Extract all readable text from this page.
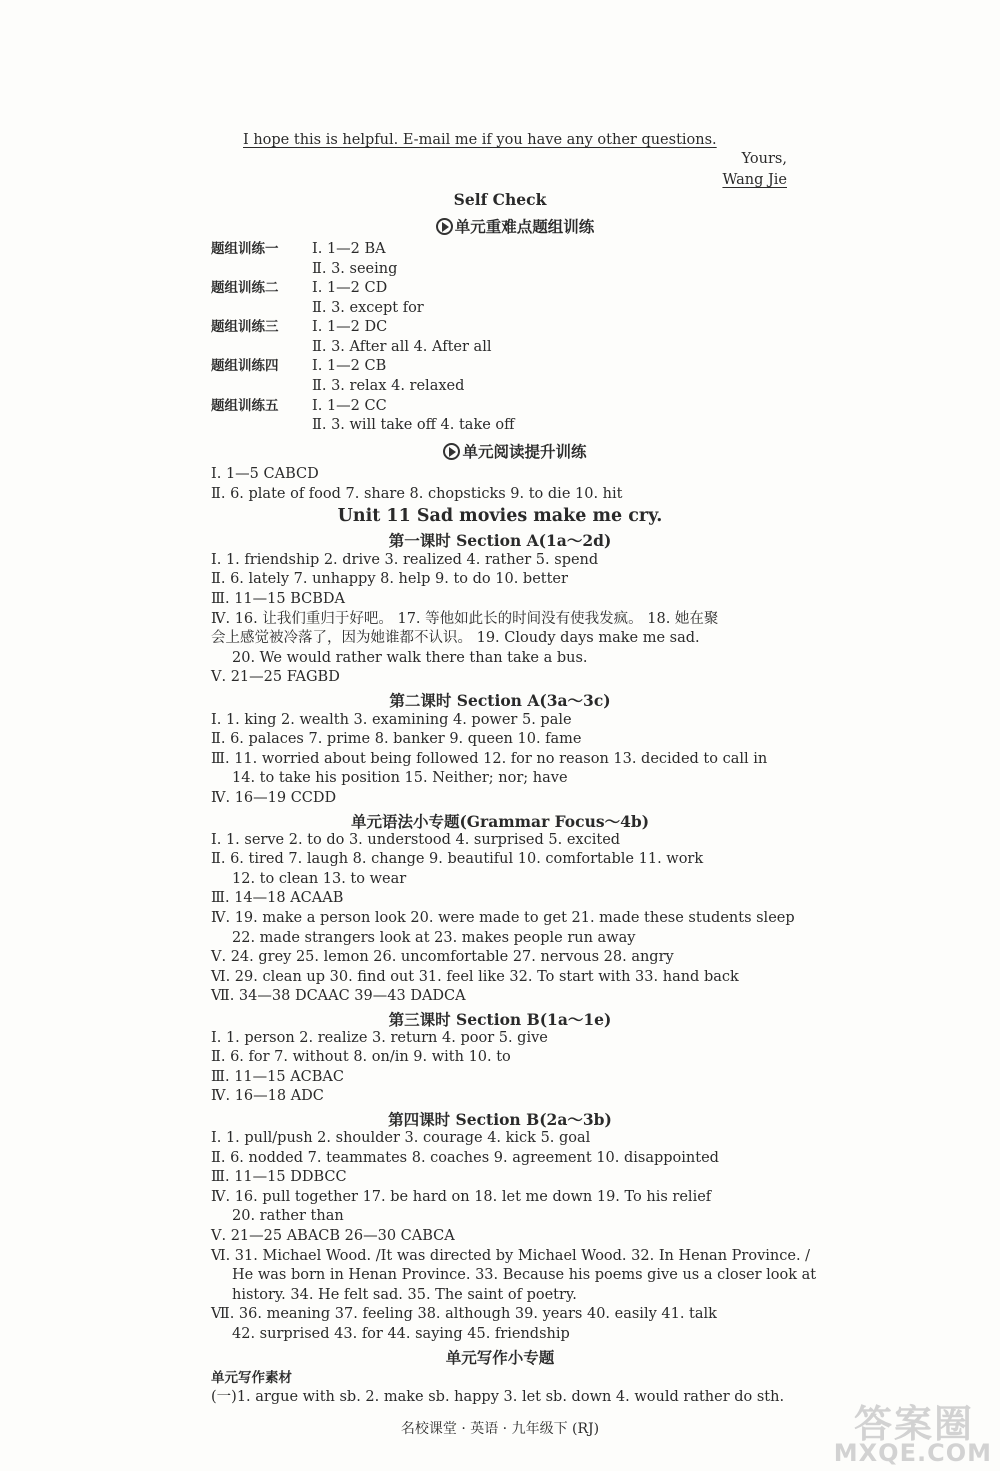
I hope this is helpful. E-mail me if you have any other questions.
Yours,
Wang Jie
Self Check
单元重难点题组训练
题组训练一 Ⅰ. 1—2 BA
Ⅱ. 3. seeing
题组训练二 Ⅰ. 1—2 CD
Ⅱ. 3. except for
题组训练三 Ⅰ. 1—2 DC
Ⅱ. 3. After all 4. After all
题组训练四 Ⅰ. 1—2 CB
Ⅱ. 3. relax 4. relaxed
题组训练五 Ⅰ. 1—2 CC
Ⅱ. 3. will take off 4. take off
单元阅读提升训练
Ⅰ. 1—5 CABCD
Ⅱ. 6. plate of food 7. share 8. chopsticks 9. to die 10. hit
Unit 11 Sad movies make me cry.
第一课时 Section A(1a～2d)
Ⅰ. 1. friendship 2. drive 3. realized 4. rather 5. spend
Ⅱ. 6. lately 7. unhappy 8. help 9. to do 10. better
Ⅲ. 11—15 BCBDA
Ⅳ. 16. 让我们重归于好吧。 17. 等他如此长的时间没有使我发疯。 18. 她在聚
会上感觉被冷落了，因为她谁都不认识。 19. Cloudy days make me sad.
20. We would rather walk there than take a bus.
Ⅴ. 21—25 FAGBD
第二课时 Section A(3a～3c)
Ⅰ. 1. king 2. wealth 3. examining 4. power 5. pale
Ⅱ. 6. palaces 7. prime 8. banker 9. queen 10. fame
Ⅲ. 11. worried about being followed 12. for no reason 13. decided to call in
14. to take his position 15. Neither; nor; have
Ⅳ. 16—19 CCDD
单元语法小专题(Grammar Focus～4b)
Ⅰ. 1. serve 2. to do 3. understood 4. surprised 5. excited
Ⅱ. 6. tired 7. laugh 8. change 9. beautiful 10. comfortable 11. work
12. to clean 13. to wear
Ⅲ. 14—18 ACAAB
Ⅳ. 19. make a person look 20. were made to get 21. made these students sleep
22. made strangers look at 23. makes people run away
Ⅴ. 24. grey 25. lemon 26. uncomfortable 27. nervous 28. angry
Ⅵ. 29. clean up 30. find out 31. feel like 32. To start with 33. hand back
Ⅶ. 34—38 DCAAC 39—43 DADCA
第三课时 Section B(1a～1e)
Ⅰ. 1. person 2. realize 3. return 4. poor 5. give
Ⅱ. 6. for 7. without 8. on/in 9. with 10. to
Ⅲ. 11—15 ACBAC
Ⅳ. 16—18 ADC
第四课时 Section B(2a～3b)
Ⅰ. 1. pull/push 2. shoulder 3. courage 4. kick 5. goal
Ⅱ. 6. nodded 7. teammates 8. coaches 9. agreement 10. disappointed
Ⅲ. 11—15 DDBCC
Ⅳ. 16. pull together 17. be hard on 18. let me down 19. To his relief
20. rather than
Ⅴ. 21—25 ABACB 26—30 CABCA
Ⅵ. 31. Michael Wood. /It was directed by Michael Wood. 32. In Henan Province. /
He was born in Henan Province. 33. Because his poems give us a closer look at
history. 34. He felt sad. 35. The saint of poetry.
Ⅶ. 36. meaning 37. feeling 38. although 39. years 40. easily 41. talk
42. surprised 43. for 44. saying 45. friendship
单元写作小专题
单元写作素材
(一)1. argue with sb. 2. make sb. happy 3. let sb. down 4. would rather do sth.
名校课堂 · 英语 · 九年级下 (RJ)	答案圈
MXQE.COM
